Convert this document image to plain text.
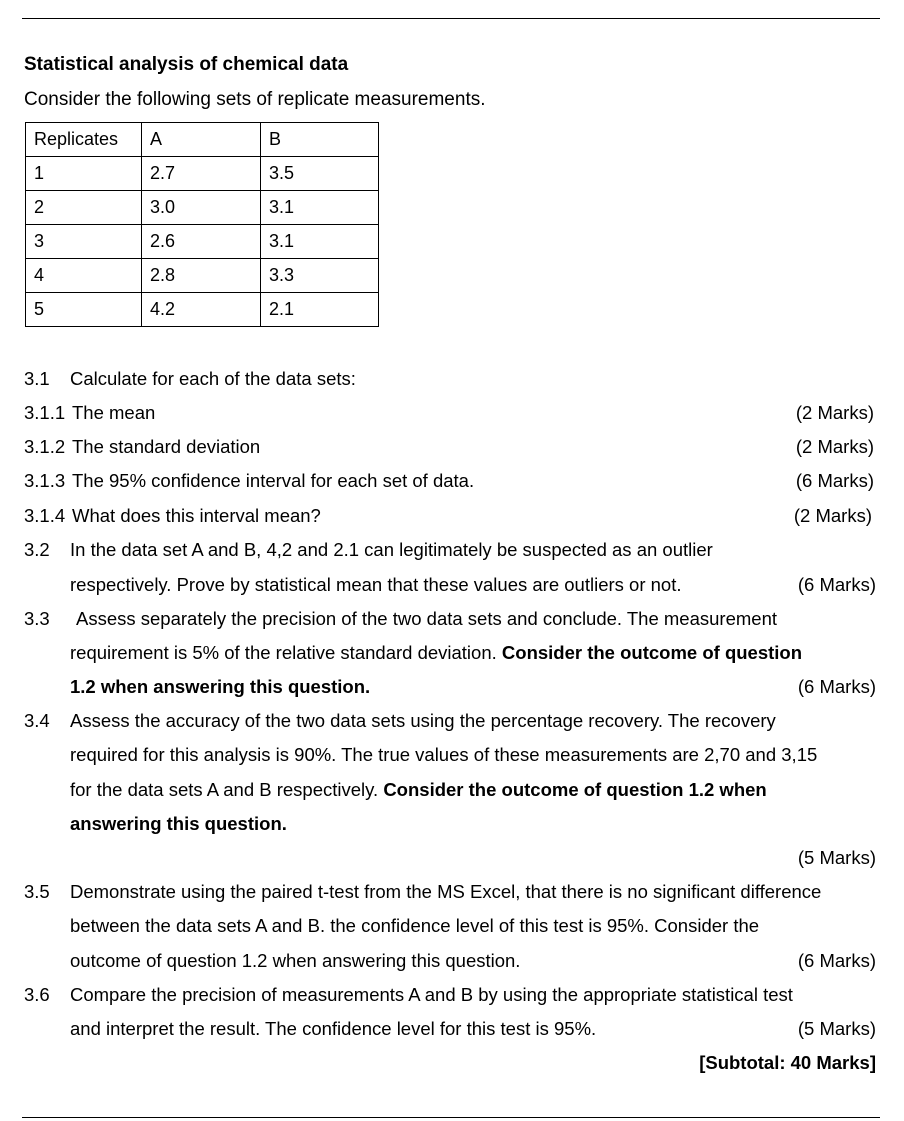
Statistical analysis of chemical data
Consider the following sets of replicate measurements.
Replicates	A	B
1	2.7	3.5
2	3.0	3.1
3	2.6	3.1
4	2.8	3.3
5	4.2	2.1
3.1 Calculate for each of the data sets:
3.1.1 The mean	(2 Marks)
3.1.2 The standard deviation	(2 Marks)
3.1.3 The 95% confidence interval for each set of data.	(6 Marks)
3.1.4 What does this interval mean?	(2 Marks)
3.2 In the data set A and B, 4,2 and 2.1 can legitimately be suspected as an outlier
respectively. Prove by statistical mean that these values are outliers or not.	(6 Marks)
3.3 Assess separately the precision of the two data sets and conclude. The measurement
requirement is 5% of the relative standard deviation. Consider the outcome of question
1.2 when answering this question.	(6 Marks)
3.4 Assess the accuracy of the two data sets using the percentage recovery. The recovery
required for this analysis is 90%. The true values of these measurements are 2,70 and 3,15
for the data sets A and B respectively. Consider the outcome of question 1.2 when
answering this question.
(5 Marks)
3.5 Demonstrate using the paired t-test from the MS Excel, that there is no significant difference
between the data sets A and B. the confidence level of this test is 95%. Consider the
outcome of question 1.2 when answering this question.	(6 Marks)
3.6 Compare the precision of measurements A and B by using the appropriate statistical test
and interpret the result. The confidence level for this test is 95%.	(5 Marks)
[Subtotal: 40 Marks]
